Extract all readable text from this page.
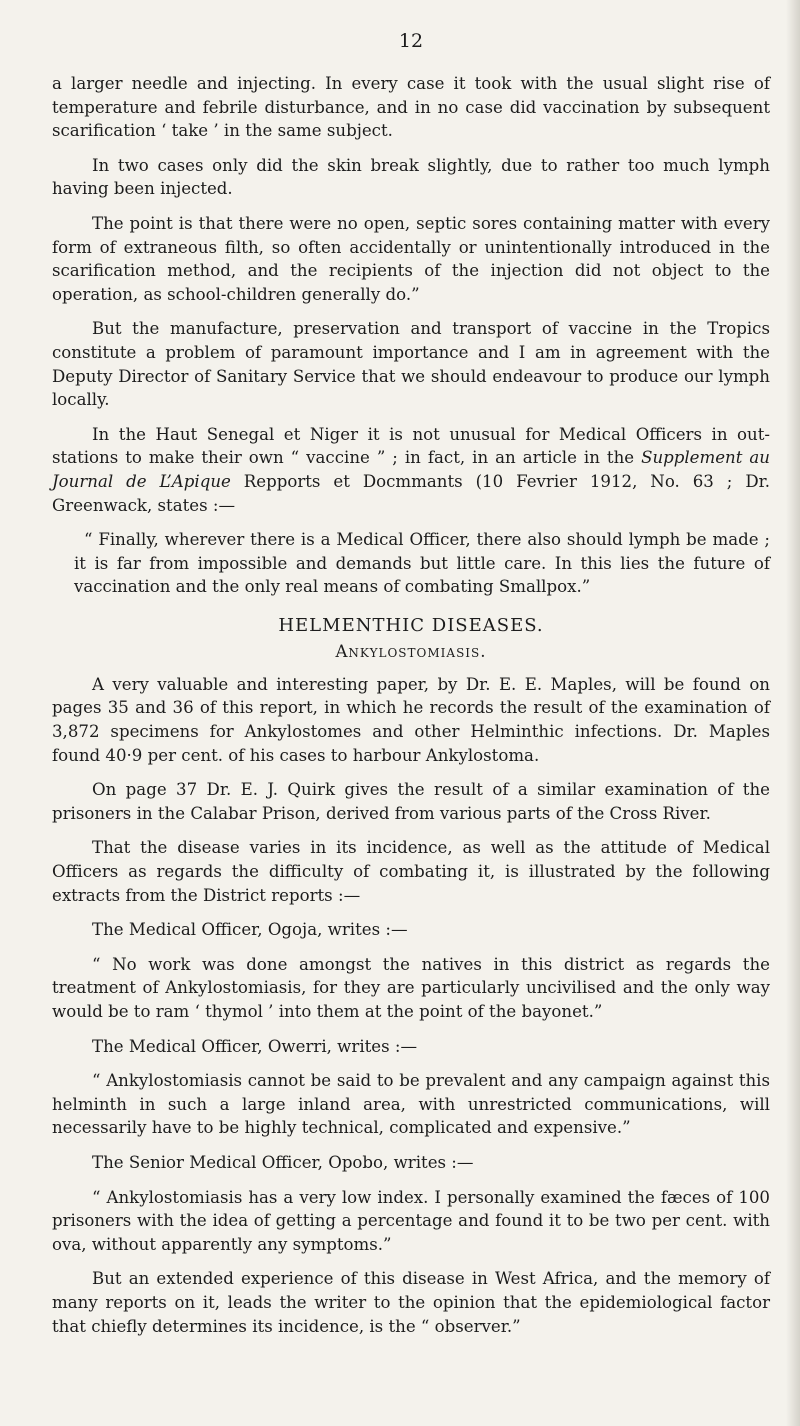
12

a larger needle and injecting. In every case it took with the usual slight rise of temperature and febrile disturbance, and in no case did vaccination by subsequent scarification ‘ take ’ in the same subject.

In two cases only did the skin break slightly, due to rather too much lymph having been injected.

The point is that there were no open, septic sores containing matter with every form of extraneous filth, so often accidentally or unintentionally introduced in the scarification method, and the recipients of the injection did not object to the operation, as school-children generally do.”

But the manufacture, preservation and transport of vaccine in the Tropics constitute a problem of paramount importance and I am in agreement with the Deputy Director of Sanitary Service that we should endeavour to produce our lymph locally.

In the Haut Senegal et Niger it is not unusual for Medical Officers in out-stations to make their own “ vaccine ” ; in fact, in an article in the Supplement au Journal de L’Apique Repports et Docmmants (10 Fevrier 1912, No. 63 ; Dr. Greenwack, states :—

“ Finally, wherever there is a Medical Officer, there also should lymph be made ; it is far from impossible and demands but little care. In this lies the future of vaccination and the only real means of combating Smallpox.”

HELMENTHIC DISEASES.
Ankylostomiasis.

A very valuable and interesting paper, by Dr. E. E. Maples, will be found on pages 35 and 36 of this report, in which he records the result of the examination of 3,872 specimens for Ankylostomes and other Helminthic infections. Dr. Maples found 40·9 per cent. of his cases to harbour Ankylostoma.

On page 37 Dr. E. J. Quirk gives the result of a similar examination of the prisoners in the Calabar Prison, derived from various parts of the Cross River.

That the disease varies in its incidence, as well as the attitude of Medical Officers as regards the difficulty of combating it, is illustrated by the following extracts from the District reports :—

The Medical Officer, Ogoja, writes :—

“ No work was done amongst the natives in this district as regards the treatment of Ankylostomiasis, for they are particularly uncivilised and the only way would be to ram ‘ thymol ’ into them at the point of the bayonet.”

The Medical Officer, Owerri, writes :—

“ Ankylostomiasis cannot be said to be prevalent and any campaign against this helminth in such a large inland area, with unrestricted communications, will necessarily have to be highly technical, complicated and expensive.”

The Senior Medical Officer, Opobo, writes :—

“ Ankylostomiasis has a very low index. I personally examined the fæces of 100 prisoners with the idea of getting a percentage and found it to be two per cent. with ova, without apparently any symptoms.”

But an extended experience of this disease in West Africa, and the memory of many reports on it, leads the writer to the opinion that the epidemiological factor that chiefly determines its incidence, is the “ observer.”
